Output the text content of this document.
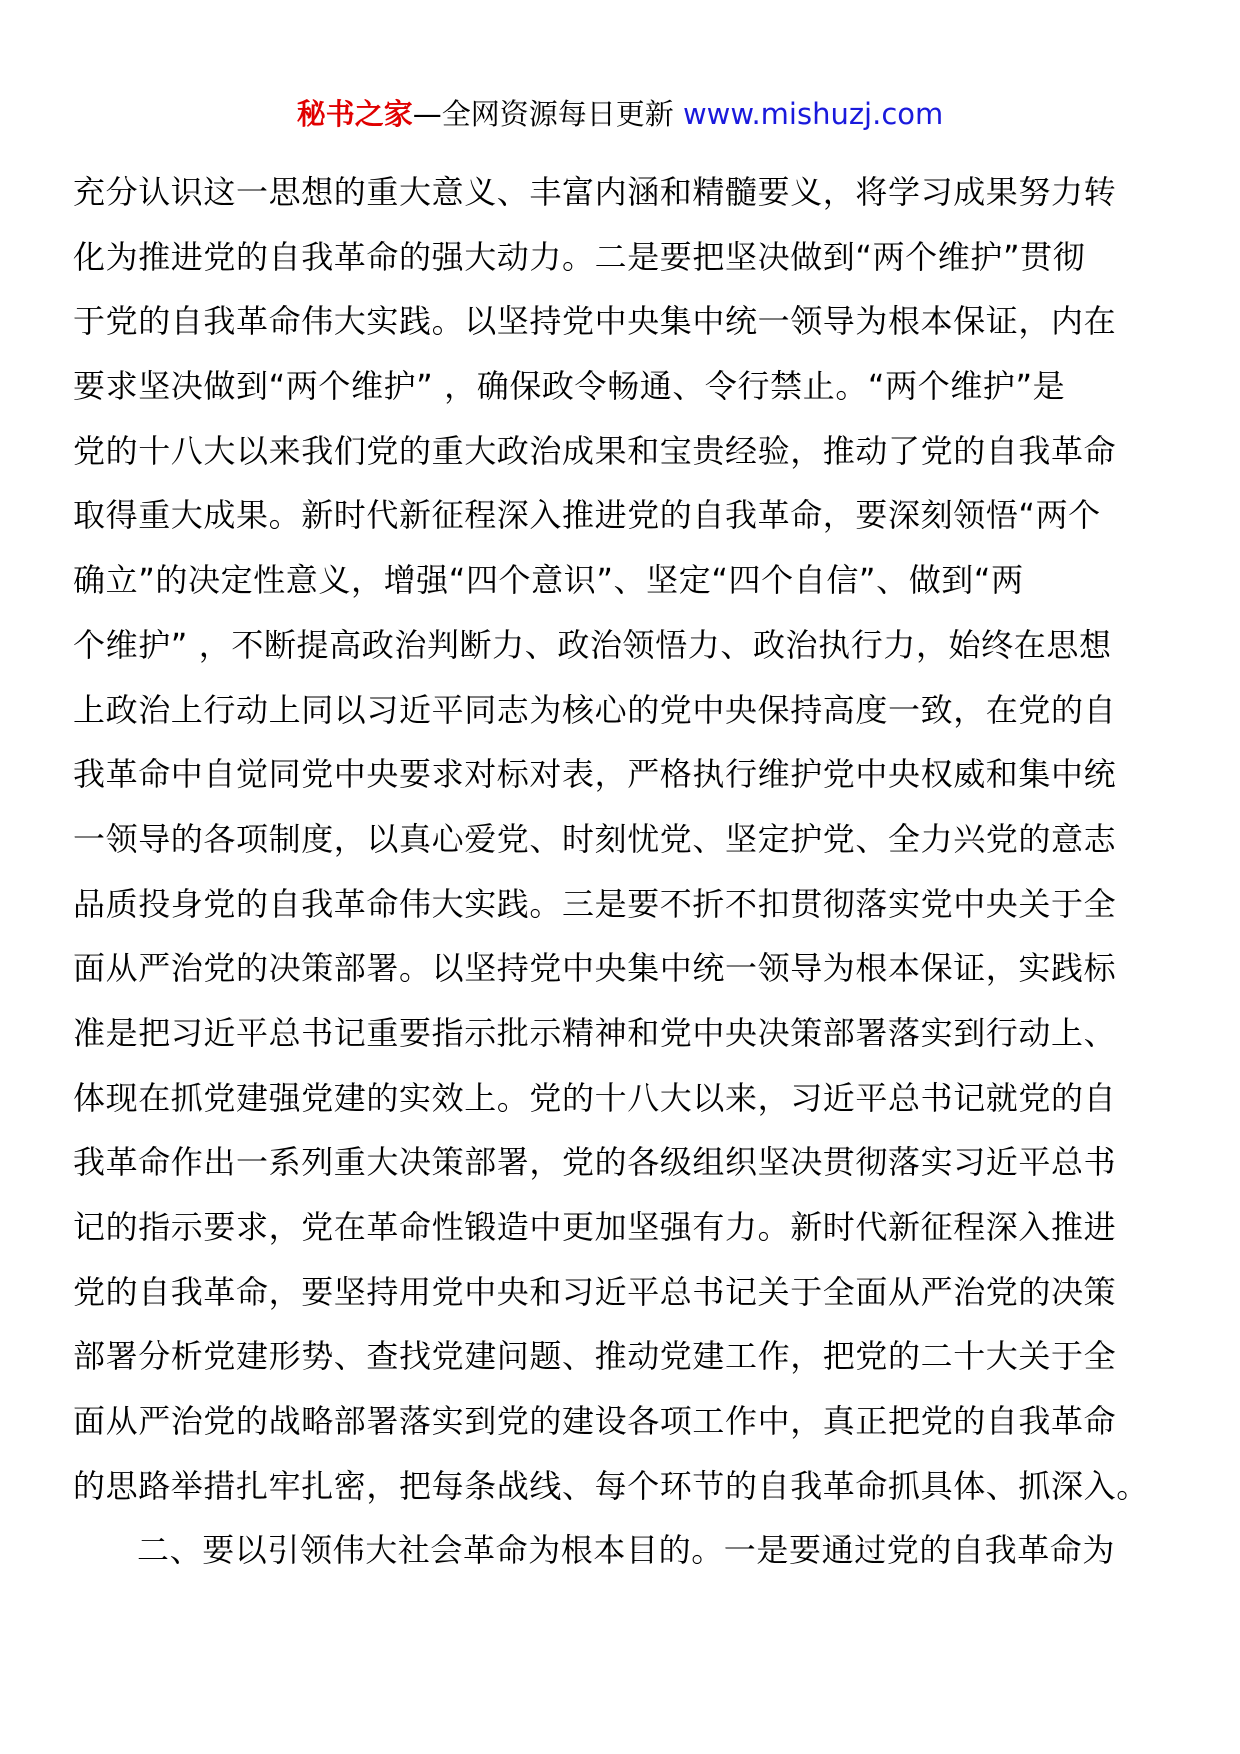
秘书之家—全网资源每日更新 www.mishuzj.com
充分认识这一思想的重大意义、丰富内涵和精髓要义，将学习成果努力转
化为推进党的自我革命的强大动力。二是要把坚决做到“两个维护”贯彻
于党的自我革命伟大实践。以坚持党中央集中统一领导为根本保证，内在
要求坚决做到“两个维护” ，确保政令畅通、令行禁止。“两个维护”是
党的十八大以来我们党的重大政治成果和宝贵经验，推动了党的自我革命
取得重大成果。新时代新征程深入推进党的自我革命，要深刻领悟“两个
确立”的决定性意义，增强“四个意识”、坚定“四个自信”、做到“两
个维护” ，不断提高政治判断力、政治领悟力、政治执行力，始终在思想
上政治上行动上同以习近平同志为核心的党中央保持高度一致，在党的自
我革命中自觉同党中央要求对标对表，严格执行维护党中央权威和集中统
一领导的各项制度，以真心爱党、时刻忧党、坚定护党、全力兴党的意志
品质投身党的自我革命伟大实践。三是要不折不扣贯彻落实党中央关于全
面从严治党的决策部署。以坚持党中央集中统一领导为根本保证，实践标
准是把习近平总书记重要指示批示精神和党中央决策部署落实到行动上、
体现在抓党建强党建的实效上。党的十八大以来，习近平总书记就党的自
我革命作出一系列重大决策部署，党的各级组织坚决贯彻落实习近平总书
记的指示要求，党在革命性锻造中更加坚强有力。新时代新征程深入推进
党的自我革命，要坚持用党中央和习近平总书记关于全面从严治党的决策
部署分析党建形势、查找党建问题、推动党建工作，把党的二十大关于全
面从严治党的战略部署落实到党的建设各项工作中，真正把党的自我革命
的思路举措扎牢扎密，把每条战线、每个环节的自我革命抓具体、抓深入。
二、要以引领伟大社会革命为根本目的。一是要通过党的自我革命为
